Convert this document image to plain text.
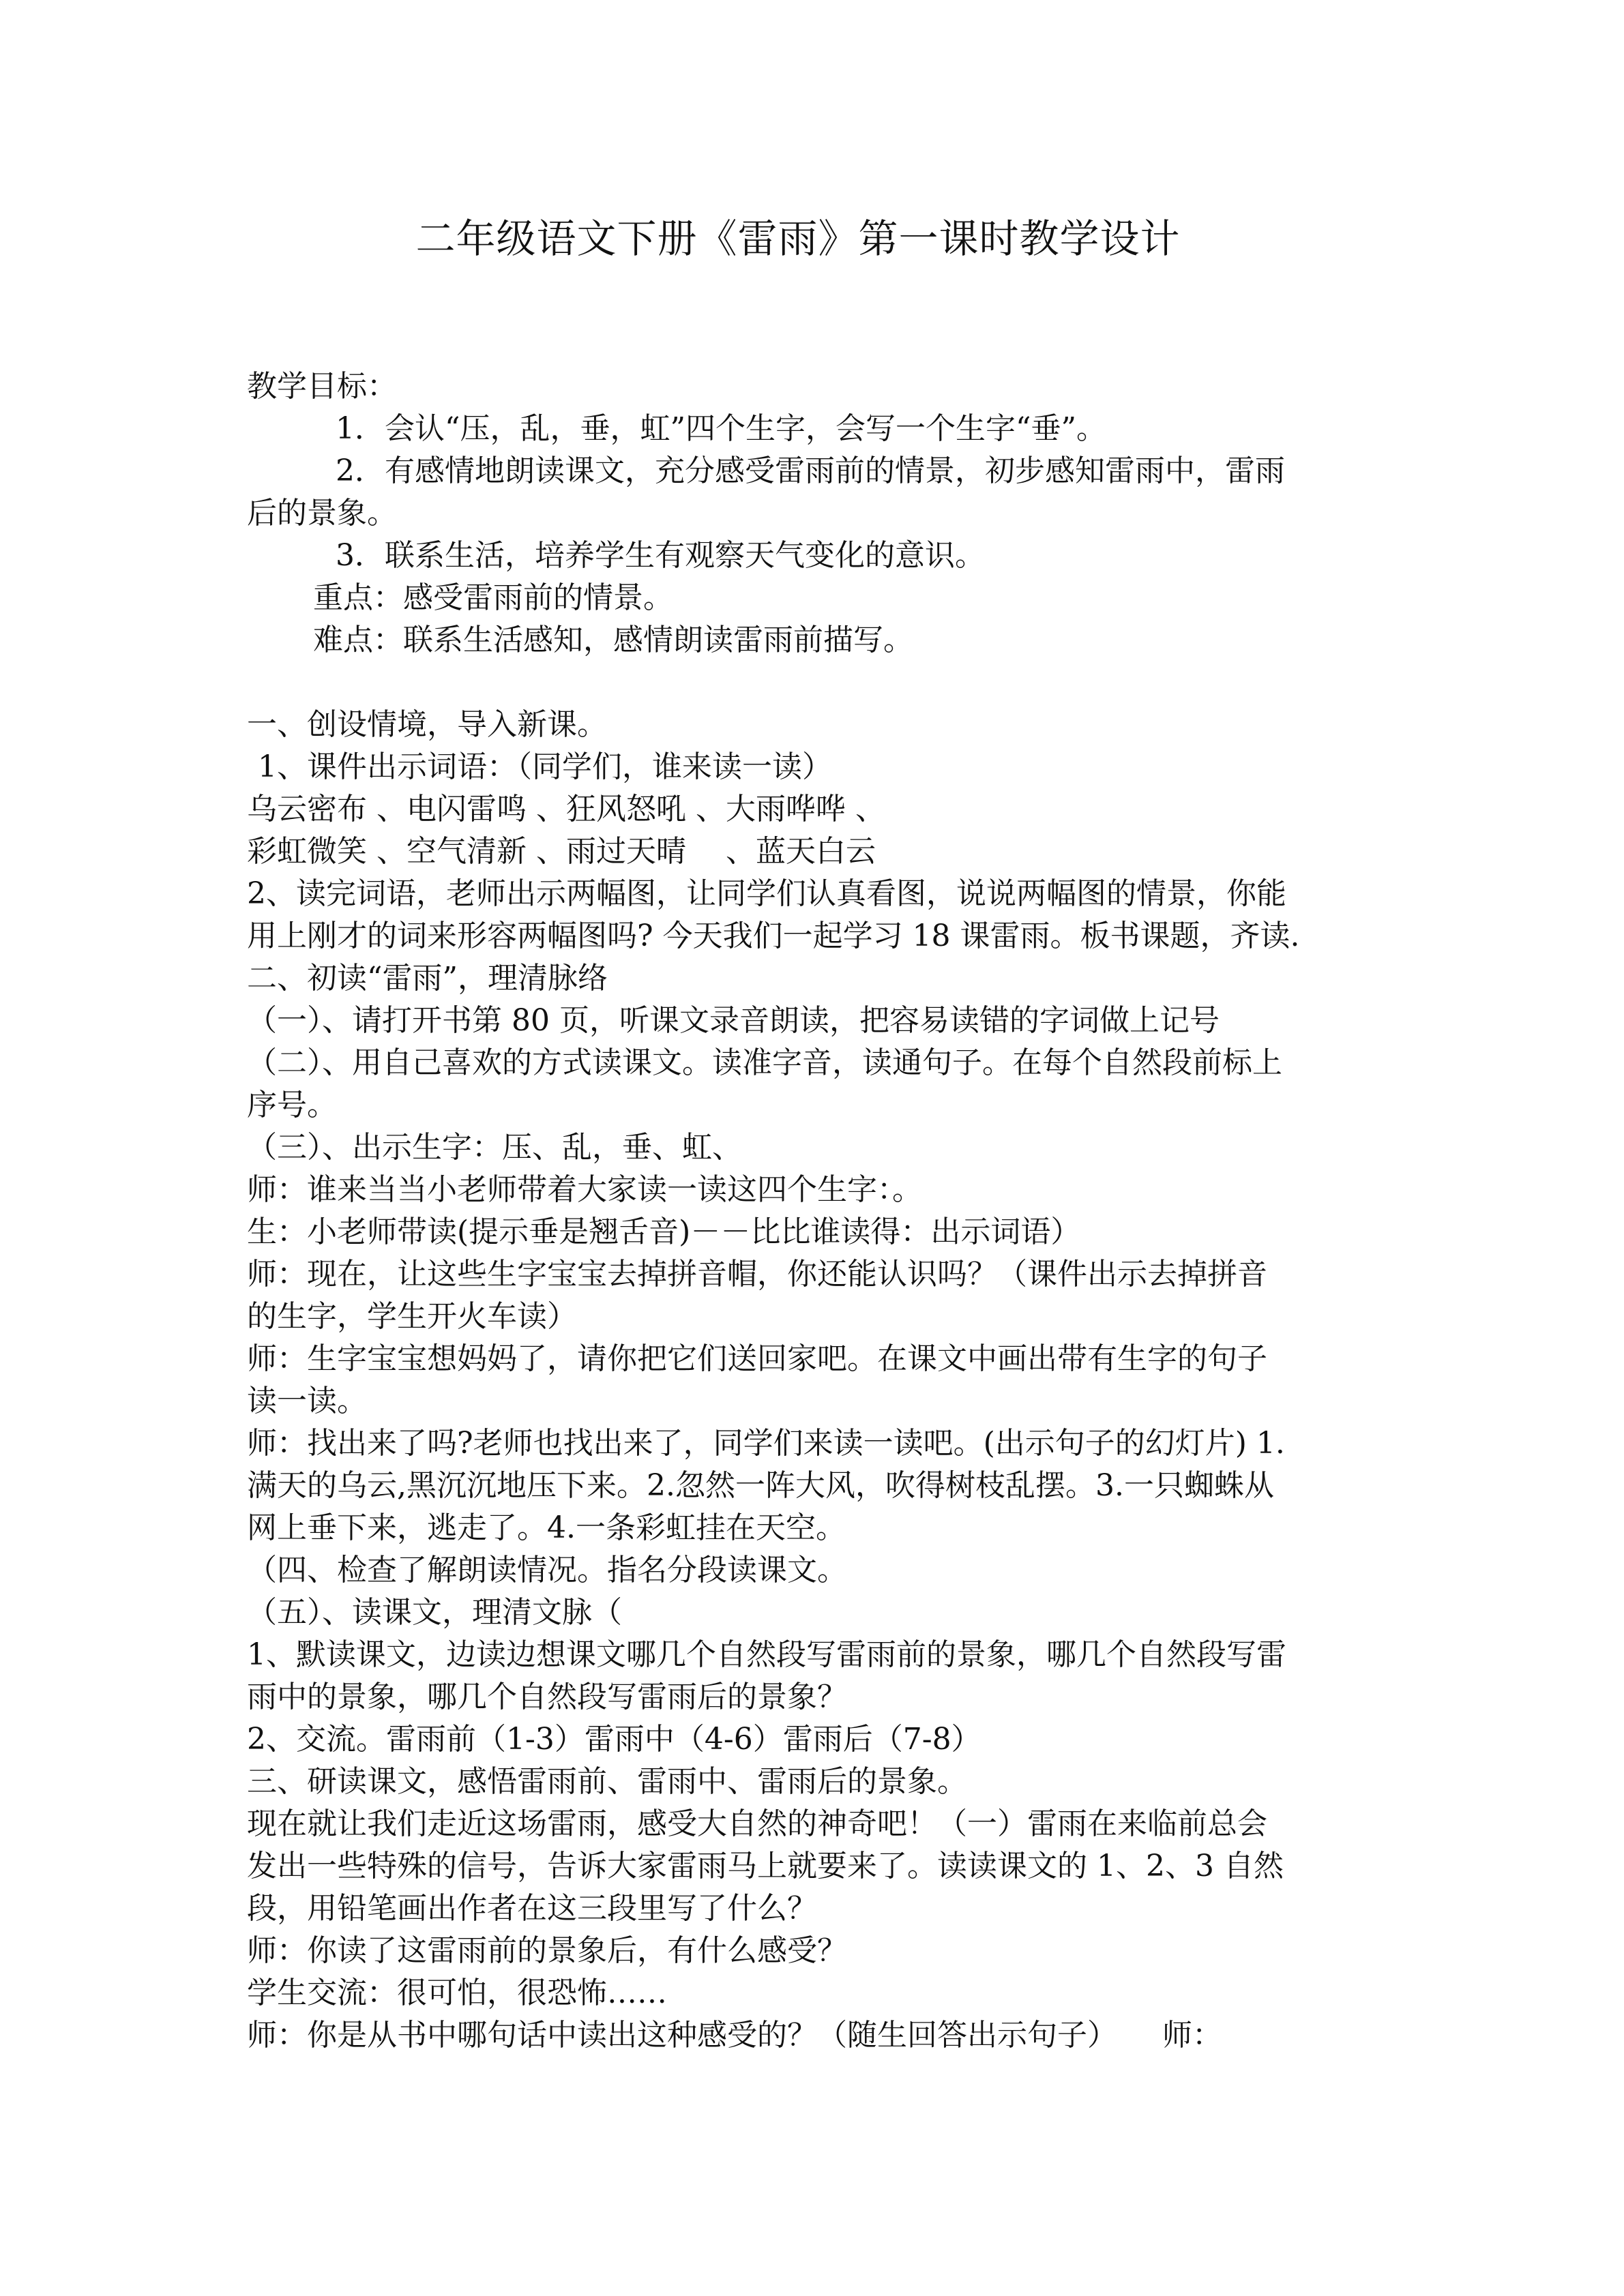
二年级语文下册《雷雨》第一课时教学设计
教学目标：
1．会认“压，乱，垂，虹”四个生字，会写一个生字“垂”。
2．有感情地朗读课文，充分感受雷雨前的情景，初步感知雷雨中，雷雨
后的景象。
3．联系生活，培养学生有观察天气变化的意识。
重点：感受雷雨前的情景。
难点：联系生活感知，感情朗读雷雨前描写。
一、创设情境，导入新课。
1、课件出示词语：（同学们，谁来读一读）
乌云密布 、电闪雷鸣 、狂风怒吼 、大雨哗哗 、
彩虹微笑 、空气清新 、雨过天晴 　、蓝天白云
2、读完词语，老师出示两幅图，让同学们认真看图，说说两幅图的情景，你能
用上刚才的词来形容两幅图吗? 今天我们一起学习 18 课雷雨。板书课题，齐读.
二、初读“雷雨”，理清脉络
（一）、请打开书第 80 页，听课文录音朗读，把容易读错的字词做上记号
（二）、用自己喜欢的方式读课文。读准字音，读通句子。在每个自然段前标上
序号。
（三）、出示生字：压、乱，垂、虹、
师：谁来当当小老师带着大家读一读这四个生字：。
生：小老师带读(提示垂是翘舌音)－－比比谁读得：出示词语）
师：现在，让这些生字宝宝去掉拼音帽，你还能认识吗？（课件出示去掉拼音
的生字，学生开火车读）
师：生字宝宝想妈妈了，请你把它们送回家吧。在课文中画出带有生字的句子
读一读。
师：找出来了吗?老师也找出来了，同学们来读一读吧。(出示句子的幻灯片) 1.
满天的乌云,黑沉沉地压下来。2.忽然一阵大风，吹得树枝乱摆。3.一只蜘蛛从
网上垂下来，逃走了。4.一条彩虹挂在天空。
（四、检查了解朗读情况。指名分段读课文。
（五）、读课文，理清文脉（
1、默读课文，边读边想课文哪几个自然段写雷雨前的景象，哪几个自然段写雷
雨中的景象，哪几个自然段写雷雨后的景象？
2、交流。雷雨前（1-3）雷雨中（4-6）雷雨后（7-8）
三、研读课文，感悟雷雨前、雷雨中、雷雨后的景象。
现在就让我们走近这场雷雨，感受大自然的神奇吧！（一）雷雨在来临前总会
发出一些特殊的信号，告诉大家雷雨马上就要来了。读读课文的 1、2、3 自然
段，用铅笔画出作者在这三段里写了什么？
师：你读了这雷雨前的景象后，有什么感受？
学生交流：很可怕，很恐怖……
师：你是从书中哪句话中读出这种感受的？（随生回答出示句子）　　师：
